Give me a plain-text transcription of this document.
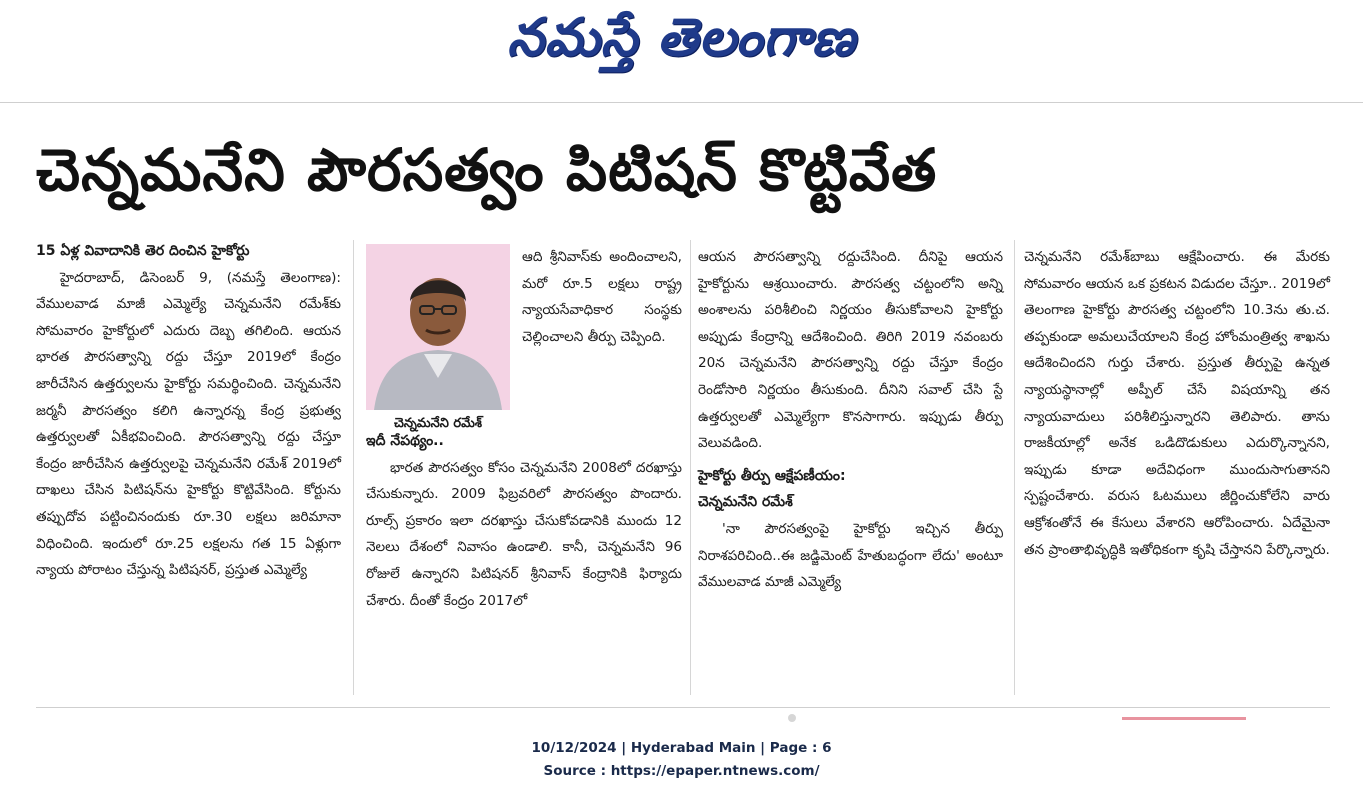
నమస్తే తెలంగాణ
చెన్నమనేని పౌరసత్వం పిటిషన్ కొట్టివేత

15 ఏళ్ల వివాదానికి తెర దించిన హైకోర్టు

హైదరాబాద్, డిసెంబర్ 9, (నమస్తే తెలంగాణ): వేములవాడ మాజీ ఎమ్మెల్యే చెన్నమనేని రమేశ్‌కు సోమవారం హైకోర్టులో ఎదురు దెబ్బ తగిలింది. ఆయన భారత పౌరసత్వాన్ని రద్దు చేస్తూ 2019లో కేంద్రం జారీచేసిన ఉత్తర్వులను హైకోర్టు సమర్థించింది. చెన్నమనేని జర్మనీ పౌరసత్వం కలిగి ఉన్నారన్న కేంద్ర ప్రభుత్వ ఉత్తర్వులతో ఏకీభవించింది. పౌరసత్వాన్ని రద్దు చేస్తూ కేంద్రం జారీచేసిన ఉత్తర్వులపై చెన్నమనేని రమేశ్ 2019లో దాఖలు చేసిన పిటిషన్‌ను హైకోర్టు కొట్టివేసింది. కోర్టును తప్పుదోవ పట్టించినందుకు రూ.30 లక్షలు జరిమానా విధించింది. ఇందులో రూ.25 లక్షలను గత 15 ఏళ్లుగా న్యాయ పోరాటం చేస్తున్న పిటిషనర్, ప్రస్తుత ఎమ్మెల్యే

చెన్నమనేని రమేశ్

ఆది శ్రీనివాస్‌కు అందించాలని, మరో రూ.5 లక్షలు రాష్ట్ర న్యాయసేవాధికార సంస్థకు చెల్లించాలని తీర్పు చెప్పింది.

ఇదీ నేపథ్యం..

భారత పౌరసత్వం కోసం చెన్నమనేని 2008లో దరఖాస్తు చేసుకున్నారు. 2009 ఫిబ్రవరిలో పౌరసత్వం పొందారు. రూల్స్ ప్రకారం ఇలా దరఖాస్తు చేసుకోవడానికి ముందు 12 నెలలు దేశంలో నివాసం ఉండాలి. కానీ, చెన్నమనేని 96 రోజులే ఉన్నారని పిటిషనర్ శ్రీనివాస్ కేంద్రానికి ఫిర్యాదు చేశారు. దీంతో కేంద్రం 2017లో

ఆయన పౌరసత్వాన్ని రద్దుచేసింది. దీనిపై ఆయన హైకోర్టును ఆశ్రయించారు. పౌరసత్వ చట్టంలోని అన్ని అంశాలను పరిశీలించి నిర్ణయం తీసుకోవాలని హైకోర్టు అప్పుడు కేంద్రాన్ని ఆదేశించింది. తిరిగి 2019 నవంబరు 20న చెన్నమనేని పౌరసత్వాన్ని రద్దు చేస్తూ కేంద్రం రెండోసారి నిర్ణయం తీసుకుంది. దీనిని సవాల్ చేసి స్టే ఉత్తర్వులతో ఎమ్మెల్యేగా కొనసాగారు. ఇప్పుడు తీర్పు వెలువడింది.

హైకోర్టు తీర్పు ఆక్షేపణీయం:

చెన్నమనేని రమేశ్

'నా పౌరసత్వంపై హైకోర్టు ఇచ్చిన తీర్పు నిరాశపరిచింది..ఈ జడ్జిమెంట్ హేతుబద్ధంగా లేదు' అంటూ వేములవాడ మాజీ ఎమ్మెల్యే

చెన్నమనేని రమేశ్‌బాబు ఆక్షేపించారు. ఈ మేరకు సోమవారం ఆయన ఒక ప్రకటన విడుదల చేస్తూ.. 2019లో తెలంగాణ హైకోర్టు పౌరసత్వ చట్టంలోని 10.3ను తు.చ. తప్పకుండా అమలుచేయాలని కేంద్ర హోంమంత్రిత్వ శాఖను ఆదేశించిందని గుర్తు చేశారు. ప్రస్తుత తీర్పుపై ఉన్నత న్యాయస్థానాల్లో అప్పీల్ చేసే విషయాన్ని తన న్యాయవాదులు పరిశీలిస్తున్నారని తెలిపారు. తాను రాజకీయాల్లో అనేక ఒడిదొడుకులు ఎదుర్కొన్నానని, ఇప్పుడు కూడా అదేవిధంగా ముందుసాగుతానని స్పష్టంచేశారు. వరుస ఓటములు జీర్ణించుకోలేని వారు ఆక్రోశంతోనే ఈ కేసులు వేశారని ఆరోపించారు. ఏదేమైనా తన ప్రాంతాభివృద్ధికి ఇతోధికంగా కృషి చేస్తానని పేర్కొన్నారు.

10/12/2024 | Hyderabad Main | Page : 6
Source : https://epaper.ntnews.com/
